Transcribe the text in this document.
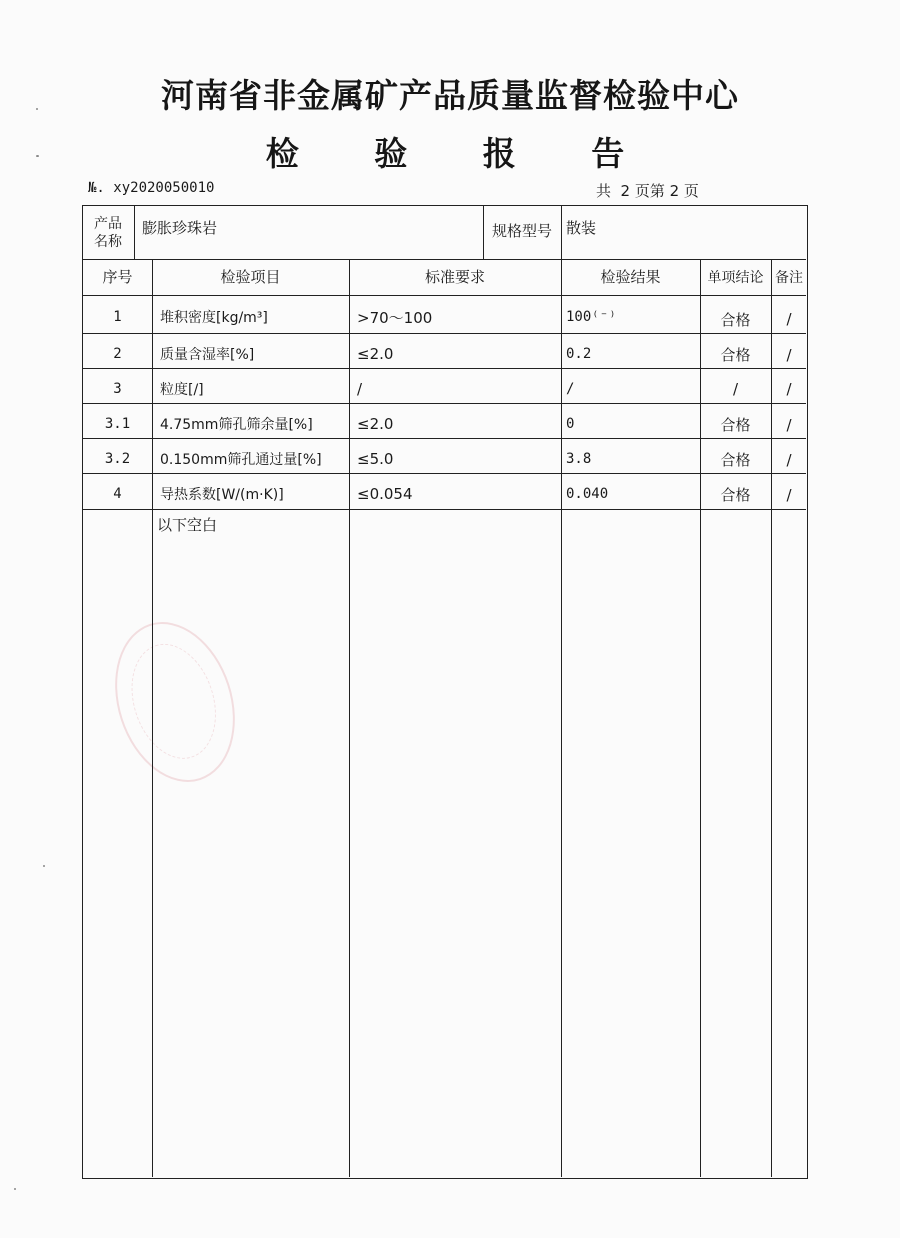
河南省非金属矿产品质量监督检验中心
检 验 报 告
№. xy2020050010	共  2 页第 2 页
产品
名称
膨胀珍珠岩	规格型号 散装
序号	检验项目	标准要求	检验结果	单项结论 备注
1	堆积密度[kg/m³]	>70～100	100⁽⁻⁾	合格	/
2	质量含湿率[%]	≤2.0	0.2	合格	/
3	粒度[/]	/	/	/	/
3.1	4.75mm筛孔筛余量[%]	≤2.0	0	合格	/
3.2	0.150mm筛孔通过量[%]	≤5.0	3.8	合格	/
4	导热系数[W/(m·K)]	≤0.054	0.040	合格	/
以下空白
